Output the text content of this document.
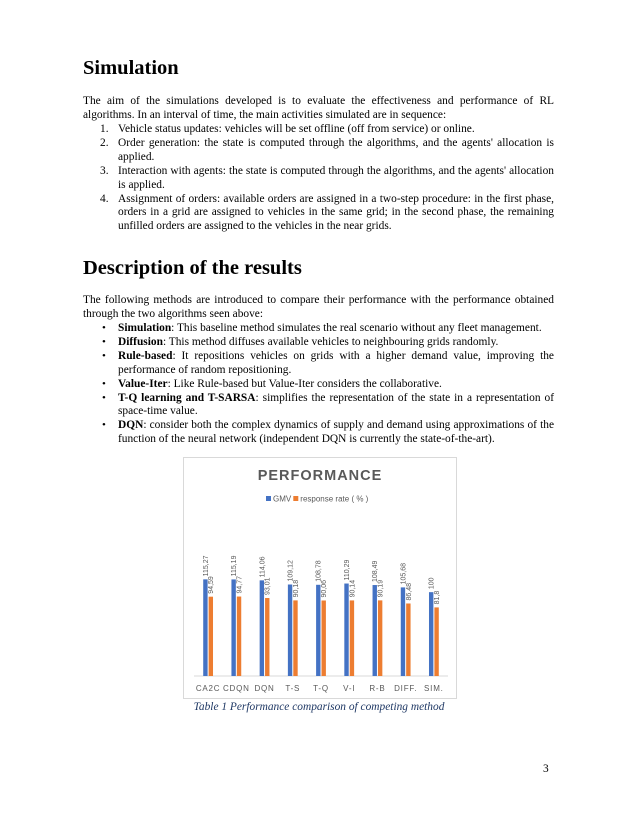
Simulation

The aim of the simulations developed is to evaluate the effectiveness and performance of RL algorithms. In an interval of time, the main activities simulated are in sequence:

1. Vehicle status updates: vehicles will be set offline (off from service) or online.
2. Order generation: the state is computed through the algorithms, and the agents' allocation is applied.
3. Interaction with agents: the state is computed through the algorithms, and the agents' allocation is applied.
4. Assignment of orders: available orders are assigned in a two-step procedure: in the first phase, orders in a grid are assigned to vehicles in the same grid; in the second phase, the remaining unfilled orders are assigned to the vehicles in the near grids.
Description of the results

The following methods are introduced to compare their performance with the performance obtained through the two algorithms seen above:

• Simulation: This baseline method simulates the real scenario without any fleet management.
• Diffusion: This method diffuses available vehicles to neighbouring grids randomly.
• Rule-based: It repositions vehicles on grids with a higher demand value, improving the performance of random repositioning.
• Value-Iter: Like Rule-based but Value-Iter considers the collaborative.
• T-Q learning and T-SARSA: simplifies the representation of the state in a representation of space-time value.
• DQN: consider both the complex dynamics of supply and demand using approximations of the function of the neural network (independent DQN is currently the state-of-the-art).
PERFORMANCE
GMV response rate ( % )
115,27
94,59
CA2C
115,19
94,77
CDQN
114,06
93,01
DQN
109,12
90,18
T-S
108,78
90,06
T-Q
110,29
90,14
V-I
108,49
90,19
R-B
105,68
86,48
DIFF.
100
81,8
SIM.
Table 1 Performance comparison of competing method
3
